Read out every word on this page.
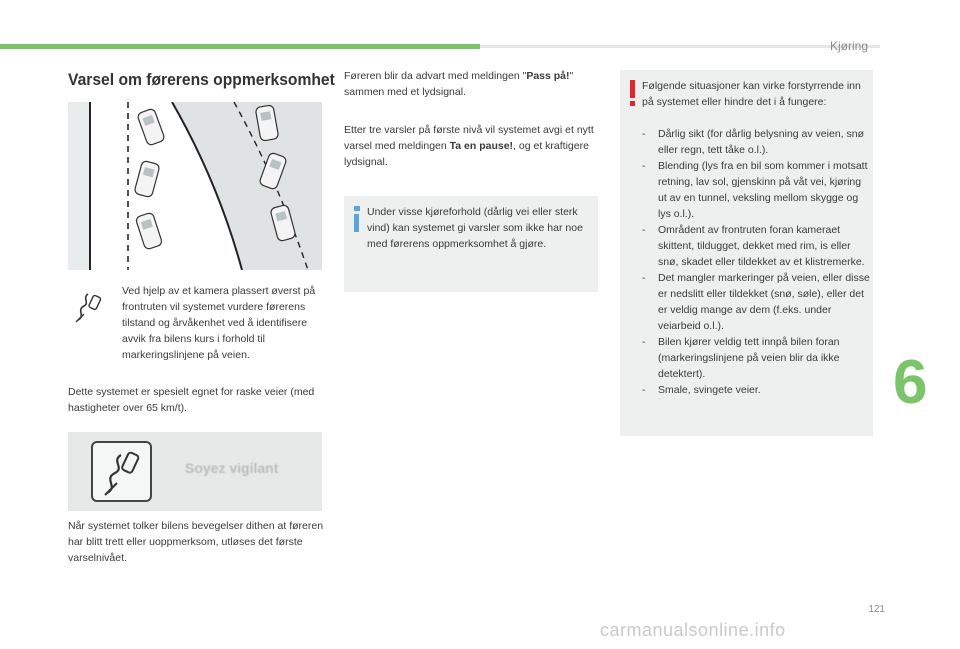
Kjøring
6
121
carmanualsonline.info
Varsel om førerens oppmerksomhet
Ved hjelp av et kamera plassert øverst på frontruten vil systemet vurdere førerens tilstand og årvåkenhet ved å identifisere avvik fra bilens kurs i forhold til markeringslinjene på veien.
Dette systemet er spesielt egnet for raske veier (med hastigheter over 65 km/t).
Soyez vigilant
Når systemet tolker bilens bevegelser dithen at føreren har blitt trett eller uoppmerksom, utløses det første varselnivået.
Føreren blir da advart med meldingen "Pass på!" sammen med et lydsignal.
Etter tre varsler på første nivå vil systemet avgi et nytt varsel med meldingen Ta en pause!, og et kraftigere lydsignal.
Under visse kjøreforhold (dårlig vei eller sterk vind) kan systemet gi varsler som ikke har noe med førerens oppmerksomhet å gjøre.
Følgende situasjoner kan virke forstyrrende inn på systemet eller hindre det i å fungere:
- Dårlig sikt (for dårlig belysning av veien, snø eller regn, tett tåke o.l.).
- Blending (lys fra en bil som kommer i motsatt retning, lav sol, gjenskinn på våt vei, kjøring ut av en tunnel, veksling mellom skygge og lys o.l.).
- Områdent av frontruten foran kameraet skittent, tildugget, dekket med rim, is eller snø, skadet eller tildekket av et klistremerke.
- Det mangler markeringer på veien, eller disse er nedslitt eller tildekket (snø, søle), eller det er veldig mange av dem (f.eks. under veiarbeid o.l.).
- Bilen kjører veldig tett innpå bilen foran (markeringslinjene på veien blir da ikke detektert).
- Smale, svingete veier.
